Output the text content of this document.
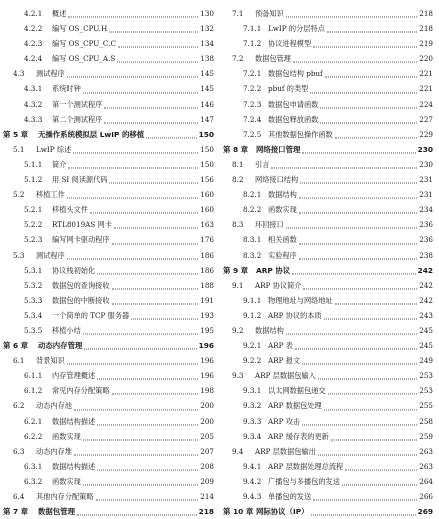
4.2.1 概述	130
4.2.2 编写 OS_CPU.H	132
4.2.3 编写 OS_CPU_C.C	134
4.2.4 编写 OS_CPU_A.S	138
4.3 测试程序	145
4.3.1 系统时钟	145
4.3.2 第一个测试程序	146
4.3.3 第二个测试程序	147
第 5 章 无操作系统模拟层 LwIP 的移植	150
5.1 LwIP 综述	150
5.1.1 简介	150
5.1.2 用 SI 阅读源代码	156
5.2 移植工作	160
5.2.1 移植头文件	160
5.2.2 RTL8019AS 网卡	163
5.2.3 编写网卡驱动程序	176
5.3 测试程序	186
5.3.1 协议栈初始化	186
5.3.2 数据包的查询接收	188
5.3.3 数据包的中断接收	191
5.3.4 一个简单的 TCP 服务器	193
5.3.5 移植小结	195
第 6 章 动态内存管理	196
6.1 背景知识	196
6.1.1 内存管理概述	196
6.1.2 常见内存分配策略	198
6.2 动态内存池	200
6.2.1 数据结构描述	200
6.2.2 函数实现	205
6.3 动态内存堆	207
6.3.1 数据结构描述	208
6.3.2 函数实现	209
6.4 其他内存分配策略	214
第 7 章 数据包管理	218
7.1 预备知识	218
7.1.1 LwIP 的分层特点	218
7.1.2 协议进程模型	219
7.2 数据包管理	220
7.2.1 数据包结构 pbuf	221
7.2.2 pbuf 的类型	221
7.2.3 数据包申请函数	224
7.2.4 数据包释放函数	227
7.2.5 其他数据包操作函数	229
第 8 章 网络接口管理	230
8.1 引言	230
8.2 网络接口结构	231
8.2.1 数据结构	231
8.2.2 函数实现	234
8.3 环回接口	236
8.3.1 相关函数	236
8.3.2 实验程序	238
第 9 章 ARP 协议	242
9.1 ARP 协议简介	242
9.1.1 物理地址与网络地址	242
9.1.2 ARP 协议的本质	243
9.2 数据结构	245
9.2.1 ARP 表	245
9.2.2 ARP 报文	249
9.3 ARP 层数据包输入	253
9.3.1 以太网数据包递交	253
9.3.2 ARP 数据包处理	255
9.3.3 ARP 攻击	258
9.3.4 ARP 缓存表的更新	259
9.4 ARP 层数据包输出	263
9.4.1 ARP 层数据处理总流程	263
9.4.2 广播包与多播包的发送	264
9.4.3 单播包的发送	266
第 10 章 网际协议（IP）	269
